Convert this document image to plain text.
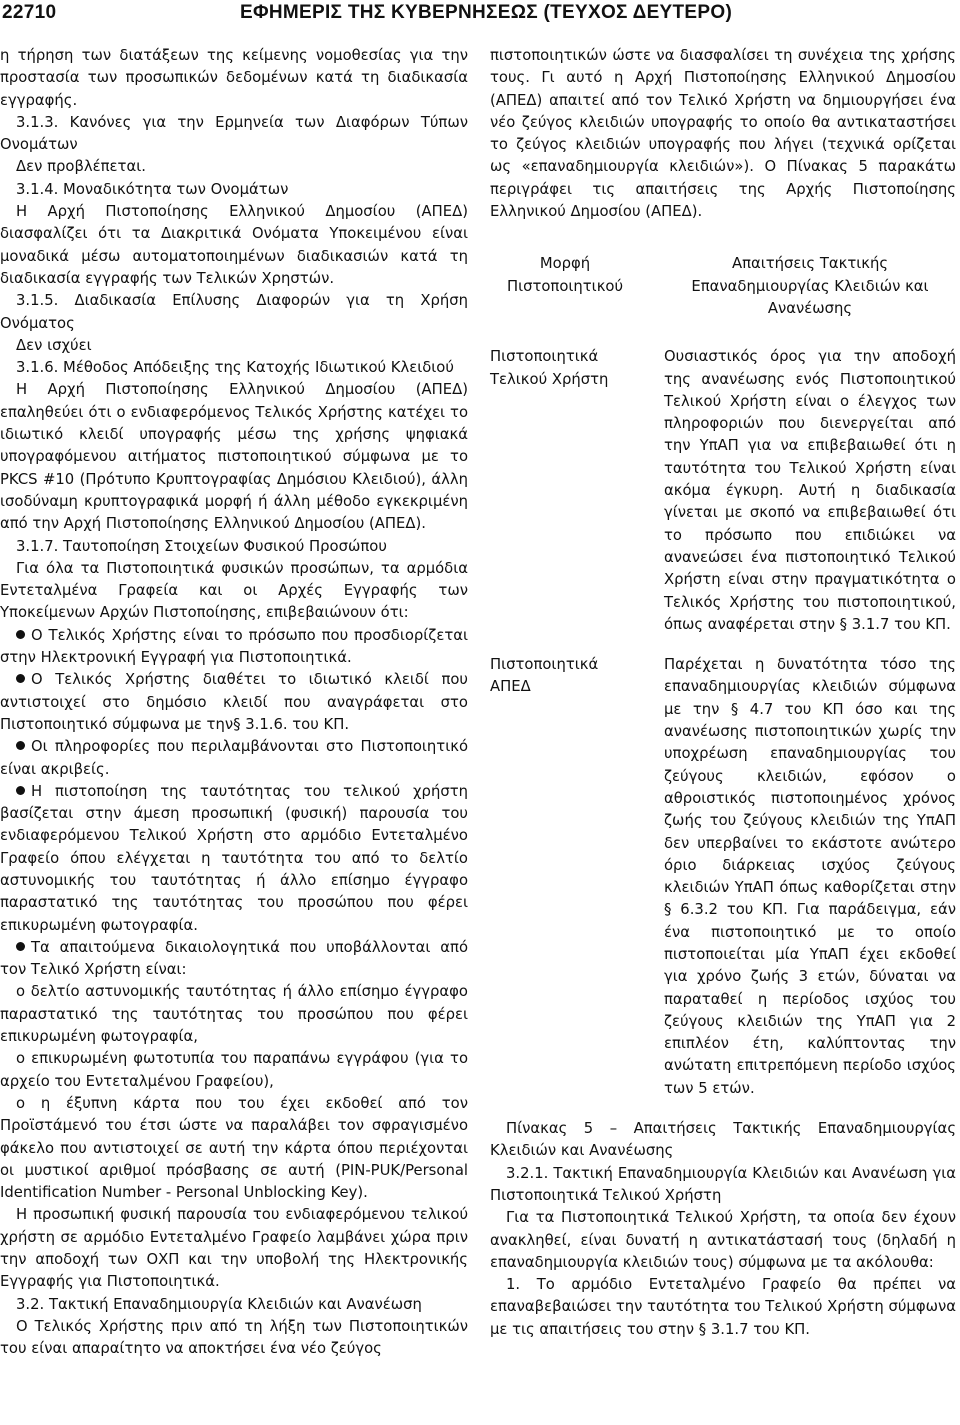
22710	ΕΦΗΜΕΡΙΣ ΤΗΣ ΚΥΒΕΡΝΗΣΕΩΣ (ΤΕΥΧΟΣ ΔΕΥΤΕΡΟ)

η τήρηση των διατάξεων της κείμενης νομοθεσίας για την προστασία των προσωπικών δεδομένων κατά τη διαδικασία εγγραφής.

3.1.3. Κανόνες για την Ερμηνεία των Διαφόρων Τύπων Ονομάτων

Δεν προβλέπεται.

3.1.4. Μοναδικότητα των Ονομάτων

Η Αρχή Πιστοποίησης Ελληνικού Δημοσίου (ΑΠΕΔ) διασφαλίζει ότι τα Διακριτικά Ονόματα Υποκειμένου είναι μοναδικά μέσω αυτοματοποιημένων διαδικασιών κατά τη διαδικασία εγγραφής των Τελικών Χρηστών.

3.1.5. Διαδικασία Επίλυσης Διαφορών για τη Χρήση Ονόματος

Δεν ισχύει

3.1.6. Μέθοδος Απόδειξης της Κατοχής Ιδιωτικού Κλειδιού

Η Αρχή Πιστοποίησης Ελληνικού Δημοσίου (ΑΠΕΔ) επαληθεύει ότι ο ενδιαφερόμενος Τελικός Χρήστης κατέχει το ιδιωτικό κλειδί υπογραφής μέσω της χρήσης ψηφιακά υπογραφόμενου αιτήματος πιστοποιητικού σύμφωνα με το PKCS #10 (Πρότυπο Κρυπτογραφίας Δημόσιου Κλειδιού), άλλη ισοδύναμη κρυπτογραφικά μορφή ή άλλη μέθοδο εγκεκριμένη από την Αρχή Πιστοποίησης Ελληνικού Δημοσίου (ΑΠΕΔ).

3.1.7. Ταυτοποίηση Στοιχείων Φυσικού Προσώπου

Για όλα τα Πιστοποιητικά φυσικών προσώπων, τα αρμόδια Εντεταλμένα Γραφεία και οι Αρχές Εγγραφής των Υποκείμενων Αρχών Πιστοποίησης, επιβεβαιώνουν ότι:

Ο Τελικός Χρήστης είναι το πρόσωπο που προσδιορίζεται στην Ηλεκτρονική Εγγραφή για Πιστοποιητικά.

Ο Τελικός Χρήστης διαθέτει το ιδιωτικό κλειδί που αντιστοιχεί στο δημόσιο κλειδί που αναγράφεται στο Πιστοποιητικό σύμφωνα με την§ 3.1.6. του ΚΠ.

Οι πληροφορίες που περιλαμβάνονται στο Πιστοποιητικό είναι ακριβείς.

Η πιστοποίηση της ταυτότητας του τελικού χρήστη βασίζεται στην άμεση προσωπική (φυσική) παρουσία του ενδιαφερόμενου Τελικού Χρήστη στο αρμόδιο Εντεταλμένο Γραφείο όπου ελέγχεται η ταυτότητα του από το δελτίο αστυνομικής του ταυτότητας ή άλλο επίσημο έγγραφο παραστατικό της ταυτότητας του προσώπου που φέρει επικυρωμένη φωτογραφία.

Τα απαιτούμενα δικαιολογητικά που υποβάλλονται από τον Τελικό Χρήστη είναι:

ο δελτίο αστυνομικής ταυτότητας ή άλλο επίσημο έγγραφο παραστατικό της ταυτότητας του προσώπου που φέρει επικυρωμένη φωτογραφία,

ο επικυρωμένη φωτοτυπία του παραπάνω εγγράφου (για το αρχείο του Εντεταλμένου Γραφείου),

ο η έξυπνη κάρτα που του έχει εκδοθεί από τον Προϊστάμενό του έτσι ώστε να παραλάβει τον σφραγισμένο φάκελο που αντιστοιχεί σε αυτή την κάρτα όπου περιέχονται οι μυστικοί αριθμοί πρόσβασης σε αυτή (PIN-PUK/Personal Identification Number - Personal Unblocking Key).

Η προσωπική φυσική παρουσία του ενδιαφερόμενου τελικού χρήστη σε αρμόδιο Εντεταλμένο Γραφείο λαμβάνει χώρα πριν την αποδοχή των ΟΧΠ και την υποβολή της Ηλεκτρονικής Εγγραφής για Πιστοποιητικά.

3.2. Τακτική Επαναδημιουργία Κλειδιών και Ανανέωση

Ο Τελικός Χρήστης πριν από τη λήξη των Πιστοποιητικών του είναι απαραίτητο να αποκτήσει ένα νέο ζεύγος

πιστοποιητικών ώστε να διασφαλίσει τη συνέχεια της χρήσης τους. Γι αυτό η Αρχή Πιστοποίησης Ελληνικού Δημοσίου (ΑΠΕΔ) απαιτεί από τον Τελικό Χρήστη να δημιουργήσει ένα νέο ζεύγος κλειδιών υπογραφής το οποίο θα αντικαταστήσει το ζεύγος κλειδιών υπογραφής που λήγει (τεχνικά ορίζεται ως «επαναδημιουργία κλειδιών»). Ο Πίνακας 5 παρακάτω περιγράφει τις απαιτήσεις της Αρχής Πιστοποίησης Ελληνικού Δημοσίου (ΑΠΕΔ).

Μορφή Πιστοποιητικού	Απαιτήσεις Τακτικής Επαναδημιουργίας Κλειδιών και Ανανέωσης
Πιστοποιητικά Τελικού Χρήστη	Ουσιαστικός όρος για την αποδοχή της ανανέωσης ενός Πιστοποιητικού Τελικού Χρήστη είναι ο έλεγχος των πληροφοριών που διενεργείται από την ΥπΑΠ για να επιβεβαιωθεί ότι η ταυτότητα του Τελικού Χρήστη είναι ακόμα έγκυρη. Αυτή η διαδικασία γίνεται με σκοπό να επιβεβαιωθεί ότι το πρόσωπο που επιδιώκει να ανανεώσει ένα πιστοποιητικό Τελικού Χρήστη είναι στην πραγματικότητα ο Τελικός Χρήστης του πιστοποιητικού, όπως αναφέρεται στην § 3.1.7 του ΚΠ.
Πιστοποιητικά ΑΠΕΔ	Παρέχεται η δυνατότητα τόσο της επαναδημιουργίας κλειδιών σύμφωνα με την § 4.7 του ΚΠ όσο και της ανανέωσης πιστοποιητικών χωρίς την υποχρέωση επαναδημιουργίας του ζεύγους κλειδιών, εφόσον ο αθροιστικός πιστοποιημένος χρόνος ζωής του ζεύγους κλειδιών της ΥπΑΠ δεν υπερβαίνει το εκάστοτε ανώτερο όριο διάρκειας ισχύος ζεύγους κλειδιών ΥπΑΠ όπως καθορίζεται στην § 6.3.2 του ΚΠ. Για παράδειγμα, εάν ένα πιστοποιητικό με το οποίο πιστοποιείται μία ΥπΑΠ έχει εκδοθεί για χρόνο ζωής 3 ετών, δύναται να παραταθεί η περίοδος ισχύος του ζεύγους κλειδιών της ΥπΑΠ για 2 επιπλέον έτη, καλύπτοντας την ανώτατη επιτρεπόμενη περίοδο ισχύος των 5 ετών.

Πίνακας 5 – Απαιτήσεις Τακτικής Επαναδημιουργίας Κλειδιών και Ανανέωσης

3.2.1. Τακτική Επαναδημιουργία Κλειδιών και Ανανέωση για Πιστοποιητικά Τελικού Χρήστη

Για τα Πιστοποιητικά Τελικού Χρήστη, τα οποία δεν έχουν ανακληθεί, είναι δυνατή η αντικατάστασή τους (δηλαδή η επαναδημιουργία κλειδιών τους) σύμφωνα με τα ακόλουθα:

1. Το αρμόδιο Εντεταλμένο Γραφείο θα πρέπει να επαναβεβαιώσει την ταυτότητα του Τελικού Χρήστη σύμφωνα με τις απαιτήσεις του στην § 3.1.7 του ΚΠ.
